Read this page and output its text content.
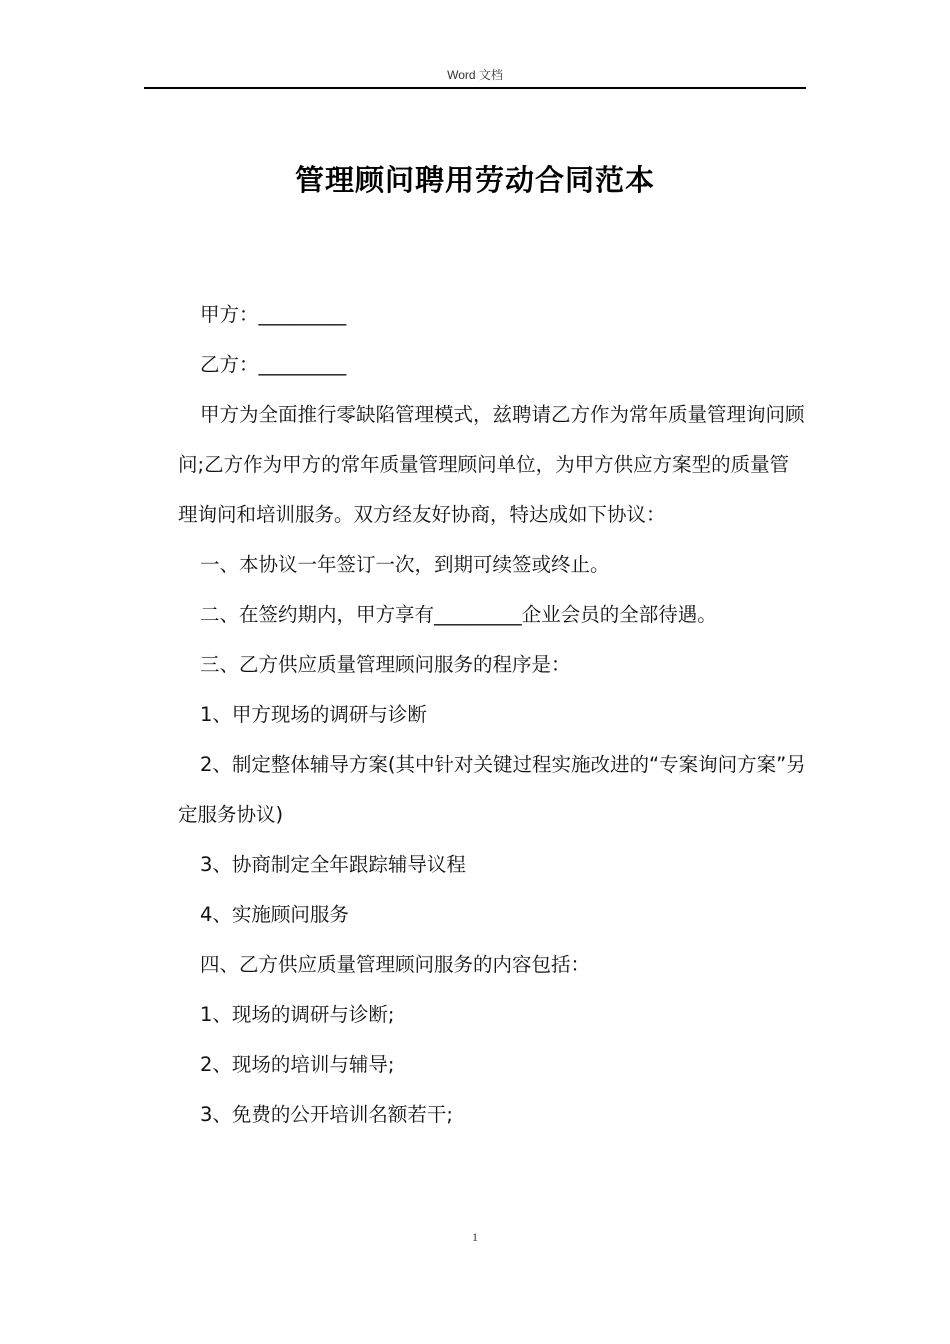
Word 文档
管理顾问聘用劳动合同范本

甲方：_________

乙方：_________

甲方为全面推行零缺陷管理模式，兹聘请乙方作为常年质量管理询问顾问;乙方作为甲方的常年质量管理顾问单位，为甲方供应方案型的质量管理询问和培训服务。双方经友好协商，特达成如下协议：

一、本协议一年签订一次，到期可续签或终止。

二、在签约期内，甲方享有_________企业会员的全部待遇。

三、乙方供应质量管理顾问服务的程序是：

1、甲方现场的调研与诊断

2、制定整体辅导方案(其中针对关键过程实施改进的“专案询问方案”另定服务协议)

3、协商制定全年跟踪辅导议程

4、实施顾问服务

四、乙方供应质量管理顾问服务的内容包括：

1、现场的调研与诊断;

2、现场的培训与辅导;

3、免费的公开培训名额若干;

1
